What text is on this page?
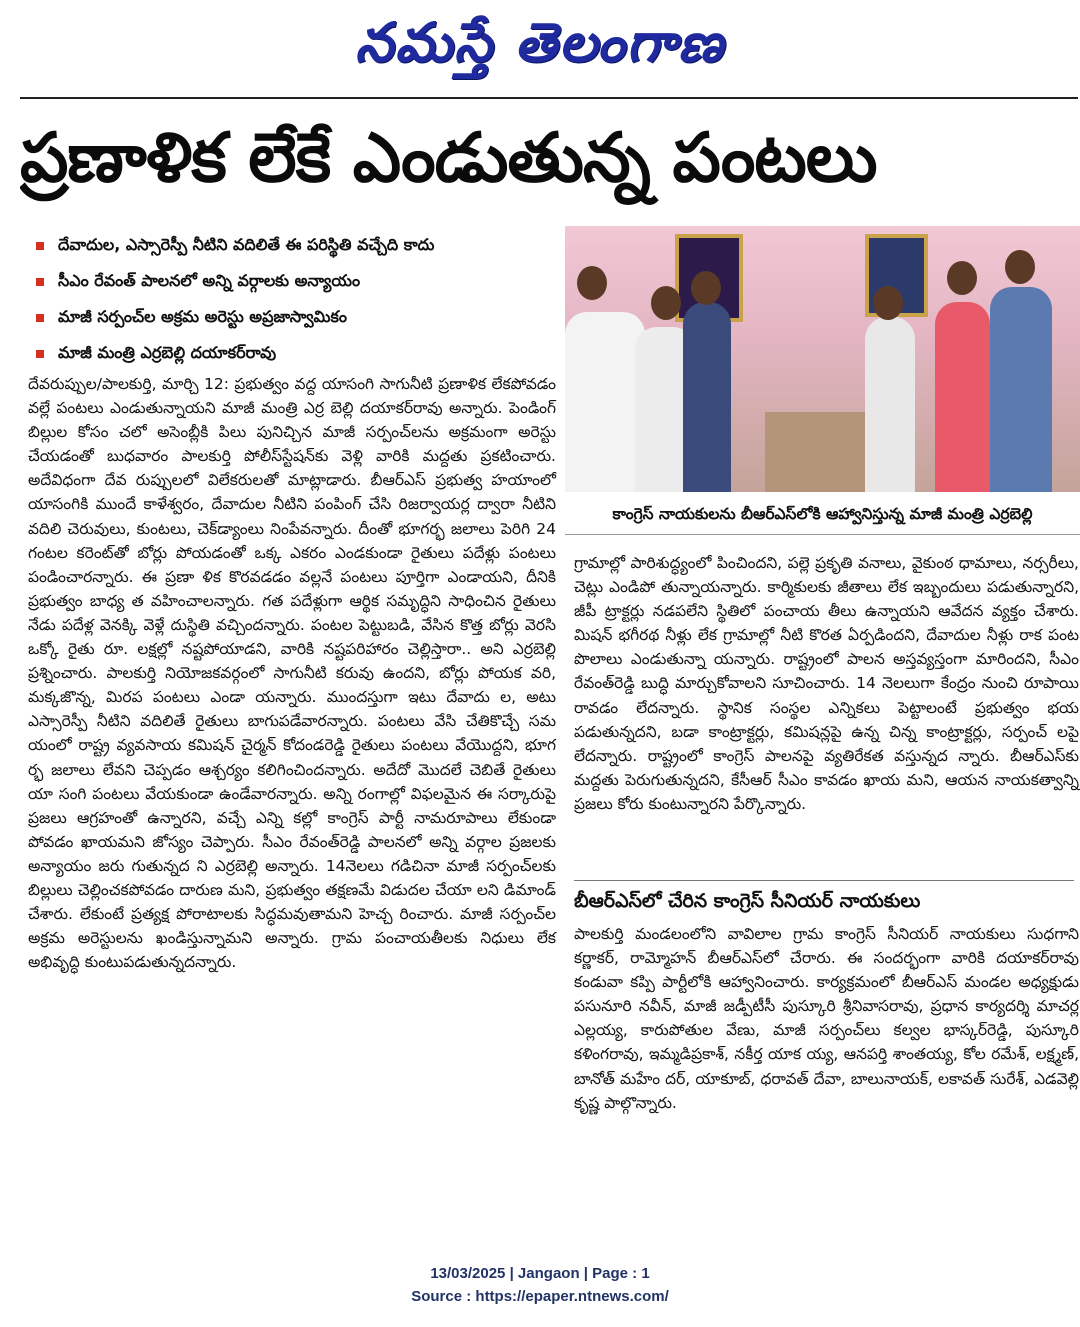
నమస్తే తెలంగాణ
ప్రణాళిక లేకే ఎండుతున్న పంటలు
దేవాదుల, ఎస్సారెస్పీ నీటిని వదిలితే ఈ పరిస్థితి వచ్చేది కాదు
సీఎం రేవంత్ పాలనలో అన్ని వర్గాలకు అన్యాయం
మాజీ సర్పంచ్‌ల అక్రమ అరెస్టు అప్రజాస్వామికం
మాజీ మంత్రి ఎర్రబెల్లి దయాకర్‌రావు

దేవరుప్పుల/పాలకుర్తి, మార్చి 12: ప్రభుత్వం వద్ద యాసంగి సాగునీటి ప్రణాళిక లేకపోవడం వల్లే పంటలు ఎండుతున్నాయని మాజీ మంత్రి ఎర్ర బెల్లి దయాకర్‌రావు అన్నారు. పెండింగ్ బిల్లుల కోసం చలో అసెంబ్లీకి పిలు పునిచ్చిన మాజీ సర్పంచ్‌లను అక్రమంగా అరెస్టు చేయడంతో బుధవారం పాలకుర్తి పోలీస్‌స్టేషన్‌కు వెళ్లి వారికి మద్దతు ప్రకటించారు. అదేవిధంగా దేవ రుప్పులలో విలేకరులతో మాట్లాడారు. బీఆర్ఎస్ ప్రభుత్వ హయాంలో యాసంగికి ముందే కాళేశ్వరం, దేవాదుల నీటిని పంపింగ్ చేసి రిజర్వాయర్ల ద్వారా నీటిని వదిలి చెరువులు, కుంటలు, చెక్‌డ్యాంలు నింపేవన్నారు. దీంతో భూగర్భ జలాలు పెరిగి 24 గంటల కరెంట్‌తో బోర్లు పోయడంతో ఒక్క ఎకరం ఎండకుండా రైతులు పదేళ్లు పంటలు పండించారన్నారు. ఈ ప్రణా ళిక కొరవడడం వల్లనే పంటలు పూర్తిగా ఎండాయని, దీనికి ప్రభుత్వం బాధ్య త వహించాలన్నారు. గత పదేళ్లుగా ఆర్థిక సమృద్ధిని సాధించిన రైతులు నేడు పదేళ్ల వెనక్కి వెళ్లే దుస్థితి వచ్చిందన్నారు. పంటల పెట్టుబడి, వేసిన కొత్త బోర్లు వెరసి ఒక్కో రైతు రూ. లక్షల్లో నష్టపోయాడని, వారికి నష్టపరిహారం చెల్లిస్తారా.. అని ఎర్రబెల్లి ప్రశ్నించారు. పాలకుర్తి నియోజకవర్గంలో సాగునీటి కరువు ఉందని, బోర్లు పోయక వరి, మక్కజొన్న, మిరప పంటలు ఎండా యన్నారు. ముందస్తుగా ఇటు దేవాదు ల, అటు ఎస్సారెస్పీ నీటిని వదిలితే రైతులు బాగుపడేవారన్నారు. పంటలు వేసి చేతికొచ్చే సమ యంలో రాష్ట్ర వ్యవసాయ కమిషన్ చైర్మన్ కోదండరెడ్డి రైతులు పంటలు వేయొద్దని, భూగ ర్భ జలాలు లేవని చెప్పడం ఆశ్చర్యం కలిగించిందన్నారు. అదేదో మొదలే చెబితే రైతులు యా సంగి పంటలు వేయకుండా ఉండేవారన్నారు. అన్ని రంగాల్లో విఫలమైన ఈ సర్కారుపై ప్రజలు ఆగ్రహంతో ఉన్నారని, వచ్చే ఎన్ని కల్లో కాంగ్రెస్ పార్టీ నామరూపాలు లేకుండా పోవడం ఖాయమని జోస్యం చెప్పారు. సీఎం రేవంత్‌రెడ్డి పాలనలో అన్ని వర్గాల ప్రజలకు అన్యాయం జరు గుతున్నద ని ఎర్రబెల్లి అన్నారు. 14నెలలు గడిచినా మాజీ సర్పంచ్‌లకు బిల్లులు చెల్లించకపోవడం దారుణ మని, ప్రభుత్వం తక్షణమే విడుదల చేయా లని డిమాండ్ చేశారు. లేకుంటే ప్రత్యక్ష పోరాటాలకు సిద్ధమవుతామని హెచ్చ రించారు. మాజీ సర్పంచ్‌ల అక్రమ అరెస్టులను ఖండిస్తున్నామని అన్నారు. గ్రామ పంచాయతీలకు నిధులు లేక అభివృద్ధి కుంటుపడుతున్నదన్నారు.

కాంగ్రెస్ నాయకులను బీఆర్ఎస్‌లోకి ఆహ్వానిస్తున్న మాజీ మంత్రి ఎర్రబెల్లి

గ్రామాల్లో పారిశుద్ధ్యంలో పించిందని, పల్లె ప్రకృతి వనాలు, వైకుంఠ ధామాలు, నర్సరీలు, చెట్లు ఎండిపో తున్నాయన్నారు. కార్మికులకు జీతాలు లేక ఇబ్బందులు పడుతున్నారని, జీపీ ట్రాక్టర్లు నడపలేని స్థితిలో పంచాయ తీలు ఉన్నాయని ఆవేదన వ్యక్తం చేశారు. మిషన్ భగీరథ నీళ్లు లేక గ్రామాల్లో నీటి కొరత ఏర్పడిందని, దేవాదుల నీళ్లు రాక పంట పొలాలు ఎండుతున్నా యన్నారు. రాష్ట్రంలో పాలన అస్తవ్యస్తంగా మారిందని, సీఎం రేవంత్‌రెడ్డి బుద్ధి మార్చుకోవాలని సూచించారు. 14 నెలలుగా కేంద్రం నుంచి రూపాయి రావడం లేదన్నారు. స్థానిక సంస్థల ఎన్నికలు పెట్టాలంటే ప్రభుత్వం భయ పడుతున్నదని, బడా కాంట్రాక్టర్లు, కమిషన్లపై ఉన్న చిన్న కాంట్రాక్టర్లు, సర్పంచ్ లపై లేదన్నారు. రాష్ట్రంలో కాంగ్రెస్ పాలనపై వ్యతిరేకత వస్తున్నద న్నారు. బీఆర్ఎస్‌కు మద్దతు పెరుగుతున్నదని, కేసీఆర్ సీఎం కావడం ఖాయ మని, ఆయన నాయకత్వాన్ని ప్రజలు కోరు కుంటున్నారని పేర్కొన్నారు.

బీఆర్ఎస్‌లో చేరిన కాంగ్రెస్ సీనియర్ నాయకులు

పాలకుర్తి మండలంలోని వావిలాల గ్రామ కాంగ్రెస్ సీనియర్ నాయకులు సుధగాని కర్ణాకర్, రామ్మోహన్ బీఆర్ఎస్‌లో చేరారు. ఈ సందర్భంగా వారికి దయాకర్‌రావు కండువా కప్పి పార్టీలోకి ఆహ్వానించారు. కార్యక్రమంలో బీఆర్ఎస్ మండల అధ్యక్షుడు పసునూరి నవీన్, మాజీ జడ్పీటీసీ పుస్కూరి శ్రీనివాసరావు, ప్రధాన కార్యదర్శి మాచర్ల ఎల్లయ్య, కారుపోతుల వేణు, మాజీ సర్పంచ్‌లు కల్వల భాస్కర్‌రెడ్డి, పుస్కూరి కళింగరావు, ఇమ్మడిప్రకాశ్, నకీర్త యాక య్య, ఆనపర్తి శాంతయ్య, కోల రమేశ్, లక్ష్మణ్, బానోత్ మహేం దర్, యాకూబ్, ధరావత్ దేవా, బాలునాయక్, లకావత్ సురేశ్, ఎడవెల్లి కృష్ణ పాల్గొన్నారు.

13/03/2025 | Jangaon | Page : 1
Source : https://epaper.ntnews.com/
